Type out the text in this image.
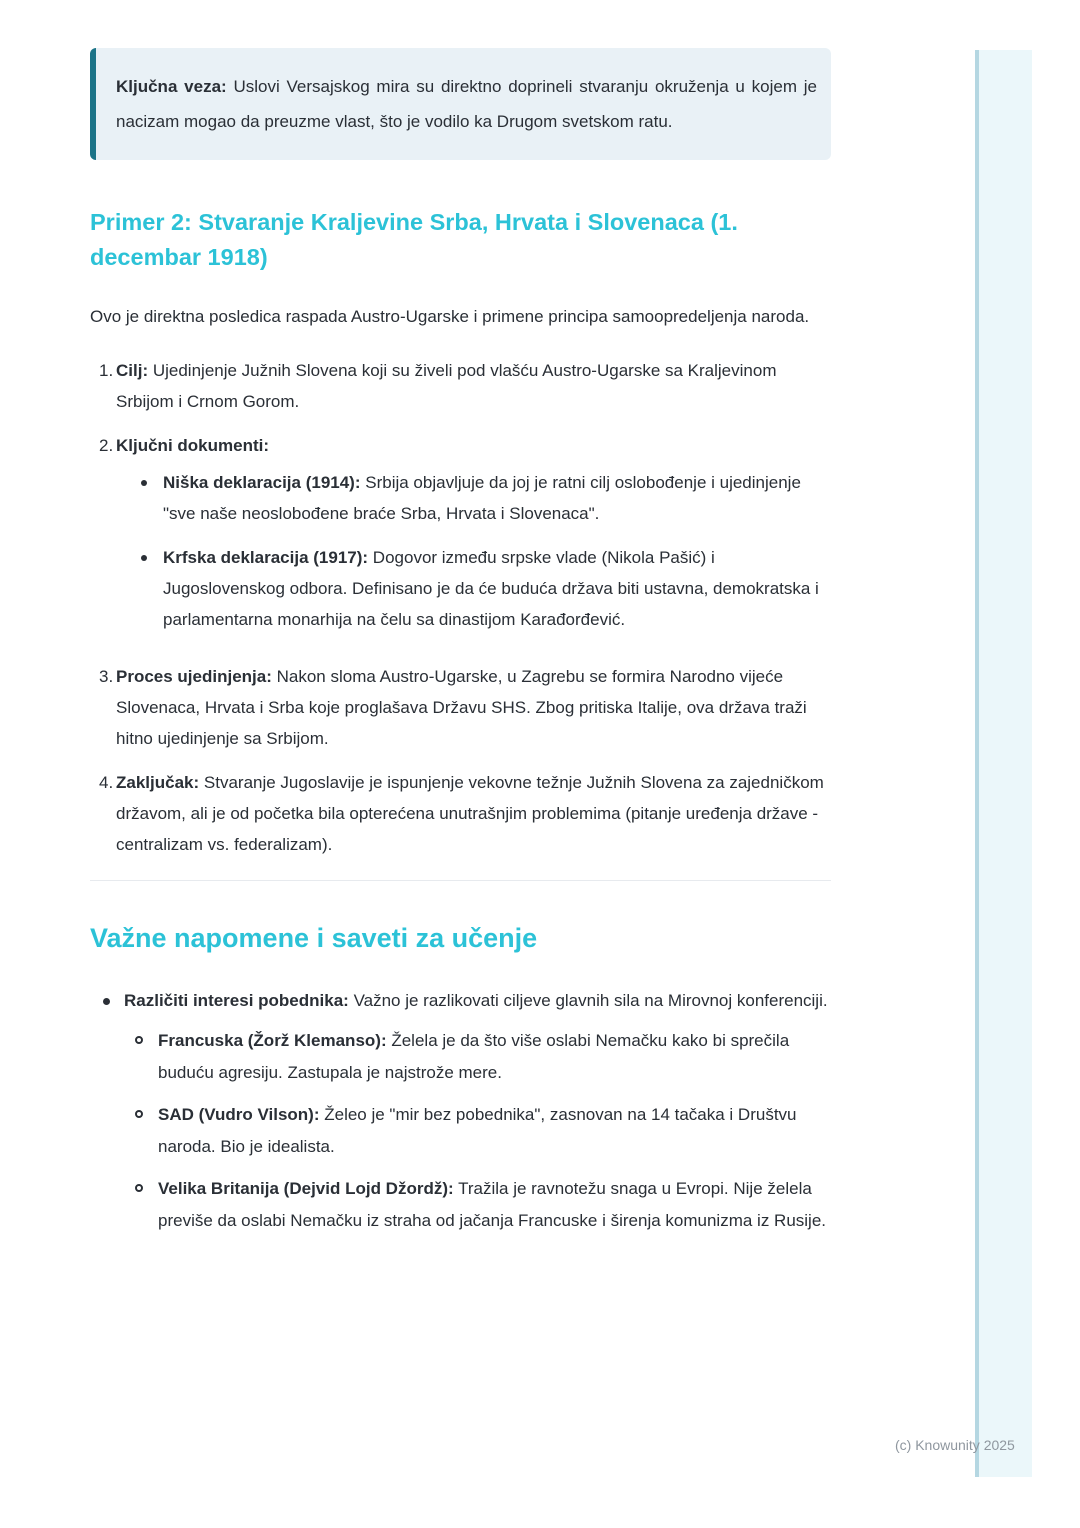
Ključna veza: Uslovi Versajskog mira su direktno doprineli stvaranju okruženja u kojem je nacizam mogao da preuzme vlast, što je vodilo ka Drugom svetskom ratu.

Primer 2: Stvaranje Kraljevine Srba, Hrvata i Slovenaca (1. decembar 1918)

Ovo je direktna posledica raspada Austro-Ugarske i primene principa samoopredeljenja naroda.

1. Cilj: Ujedinjenje Južnih Slovena koji su živeli pod vlašću Austro-Ugarske sa Kraljevinom Srbijom i Crnom Gorom.
2. Ključni dokumenti:
Niška deklaracija (1914): Srbija objavljuje da joj je ratni cilj oslobođenje i ujedinjenje "sve naše neoslobođene braće Srba, Hrvata i Slovenaca".
Krfska deklaracija (1917): Dogovor između srpske vlade (Nikola Pašić) i Jugoslovenskog odbora. Definisano je da će buduća država biti ustavna, demokratska i parlamentarna monarhija na čelu sa dinastijom Karađorđević.
3. Proces ujedinjenja: Nakon sloma Austro-Ugarske, u Zagrebu se formira Narodno vijeće Slovenaca, Hrvata i Srba koje proglašava Državu SHS. Zbog pritiska Italije, ova država traži hitno ujedinjenje sa Srbijom.
4. Zaključak: Stvaranje Jugoslavije je ispunjenje vekovne težnje Južnih Slovena za zajedničkom državom, ali je od početka bila opterećena unutrašnjim problemima (pitanje uređenja države - centralizam vs. federalizam).
Važne napomene i saveti za učenje
Različiti interesi pobednika: Važno je razlikovati ciljeve glavnih sila na Mirovnoj konferenciji.
Francuska (Žorž Klemanso): Želela je da što više oslabi Nemačku kako bi sprečila buduću agresiju. Zastupala je najstrože mere.
SAD (Vudro Vilson): Želeo je "mir bez pobednika", zasnovan na 14 tačaka i Društvu naroda. Bio je idealista.
Velika Britanija (Dejvid Lojd Džordž): Tražila je ravnotežu snaga u Evropi. Nije želela previše da oslabi Nemačku iz straha od jačanja Francuske i širenja komunizma iz Rusije.
(c) Knowunity 2025
